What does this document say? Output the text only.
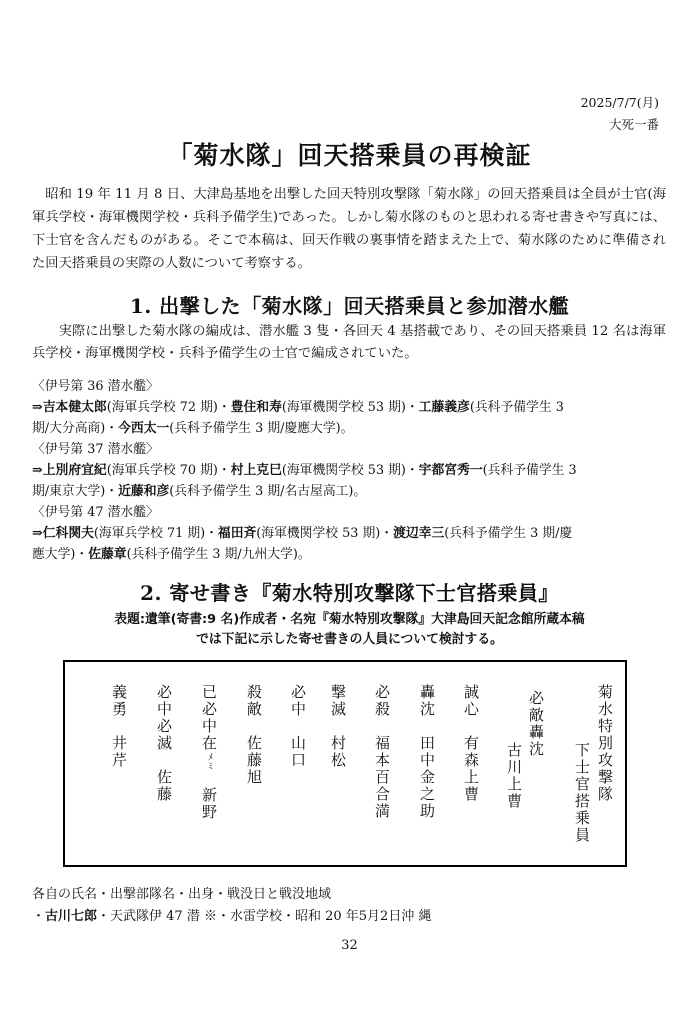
2025/7/7(月)
大死一番
「菊水隊」回天搭乗員の再検証
昭和 19 年 11 月 8 日、大津島基地を出撃した回天特別攻撃隊「菊水隊」の回天搭乗員は全員が士官(海軍兵学校・海軍機関学校・兵科予備学生)であった。しかし菊水隊のものと思われる寄せ書きや写真には、下士官を含んだものがある。そこで本稿は、回天作戦の裏事情を踏まえた上で、菊水隊のために準備された回天搭乗員の実際の人数について考察する。
1. 出撃した「菊水隊」回天搭乗員と参加潜水艦
実際に出撃した菊水隊の編成は、潜水艦 3 隻・各回天 4 基搭載であり、その回天搭乗員 12 名は海軍兵学校・海軍機関学校・兵科予備学生の士官で編成されていた。
〈伊号第 36 潜水艦〉
⇒吉本健太郎(海軍兵学校 72 期)・豊住和寿(海軍機関学校 53 期)・工藤義彦(兵科予備学生 3
期/大分高商)・今西太一(兵科予備学生 3 期/慶應大学)。
〈伊号第 37 潜水艦〉
⇒上別府宜紀(海軍兵学校 70 期)・村上克巳(海軍機関学校 53 期)・宇都宮秀一(兵科予備学生 3
期/東京大学)・近藤和彦(兵科予備学生 3 期/名古屋高工)。
〈伊号第 47 潜水艦〉
⇒仁科関夫(海軍兵学校 71 期)・福田斉(海軍機関学校 53 期)・渡辺幸三(兵科予備学生 3 期/慶
應大学)・佐藤章(兵科予備学生 3 期/九州大学)。
2. 寄せ書き『菊水特別攻撃隊下士官搭乗員』
表題:遺筆(寄書:9 名)作成者・名宛『菊水特別攻撃隊』大津島回天記念館所蔵本稿
では下記に示した寄せ書きの人員について検討する。
菊水特別攻撃隊
下士官搭乗員
必敵轟沈
古川上曹
誠心　有森上曹
轟沈　田中金之助
必殺　福本百合満
撃滅　村松
必中　山口
殺敵　佐藤旭
已必中在ﾒﾐ　新野
必中必滅　佐藤
義勇　井芹
各自の氏名・出撃部隊名・出身・戦没日と戦没地域
・古川七郎・天武隊伊 47 潜 ※・水雷学校・昭和 20 年5月2日沖 縄
32
